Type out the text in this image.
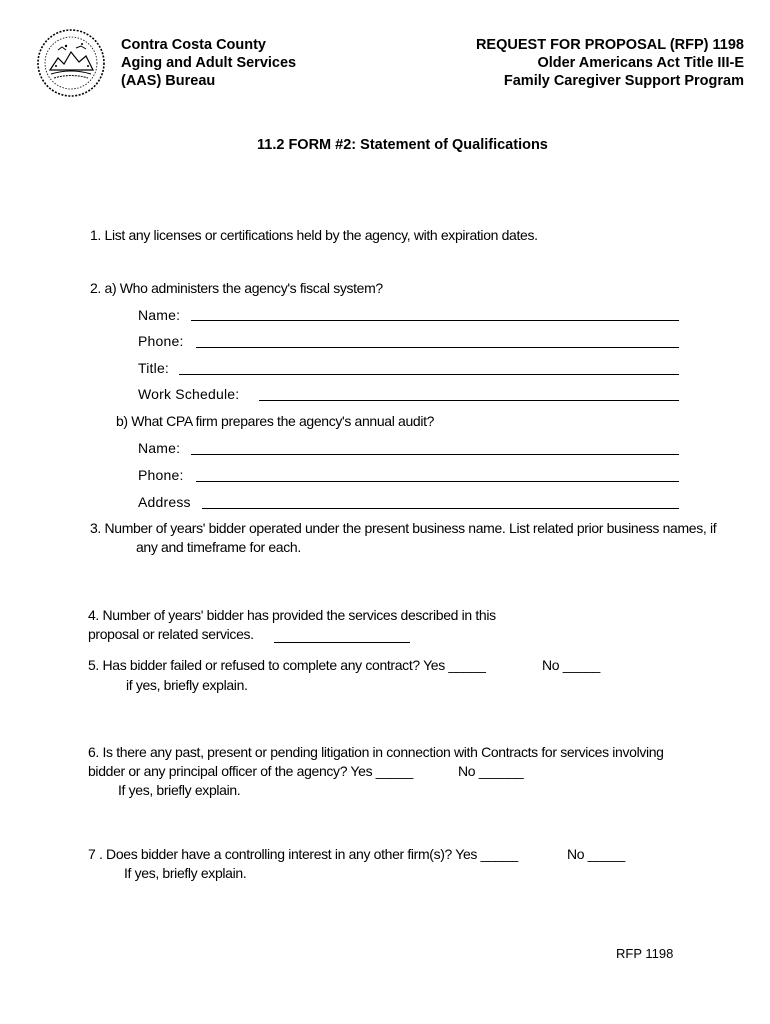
Contra Costa County
Aging and Adult Services
(AAS) Bureau
REQUEST FOR PROPOSAL (RFP) 1198
Older Americans Act Title III-E
Family Caregiver Support Program
11.2 FORM #2: Statement of Qualifications
1. List any licenses or certifications held by the agency, with expiration dates.
2. a) Who administers the agency's fiscal system?
Name:
Phone:
Title:
Work Schedule:
b) What CPA firm prepares the agency's annual audit?
Name:
Phone:
Address
3. Number of years' bidder operated under the present business name. List related prior business names, if
any and timeframe for each.
4. Number of years' bidder has provided the services described in this
proposal or related services.
5. Has bidder failed or refused to complete any contract? Yes _____	No _____
if yes, briefly explain.
6. Is there any past, present or pending litigation in connection with Contracts for services involving
bidder or any principal officer of the agency? Yes _____	No ______
If yes, briefly explain.
7 . Does bidder have a controlling interest in any other firm(s)? Yes _____	No _____
If yes, briefly explain.
RFP 1198
